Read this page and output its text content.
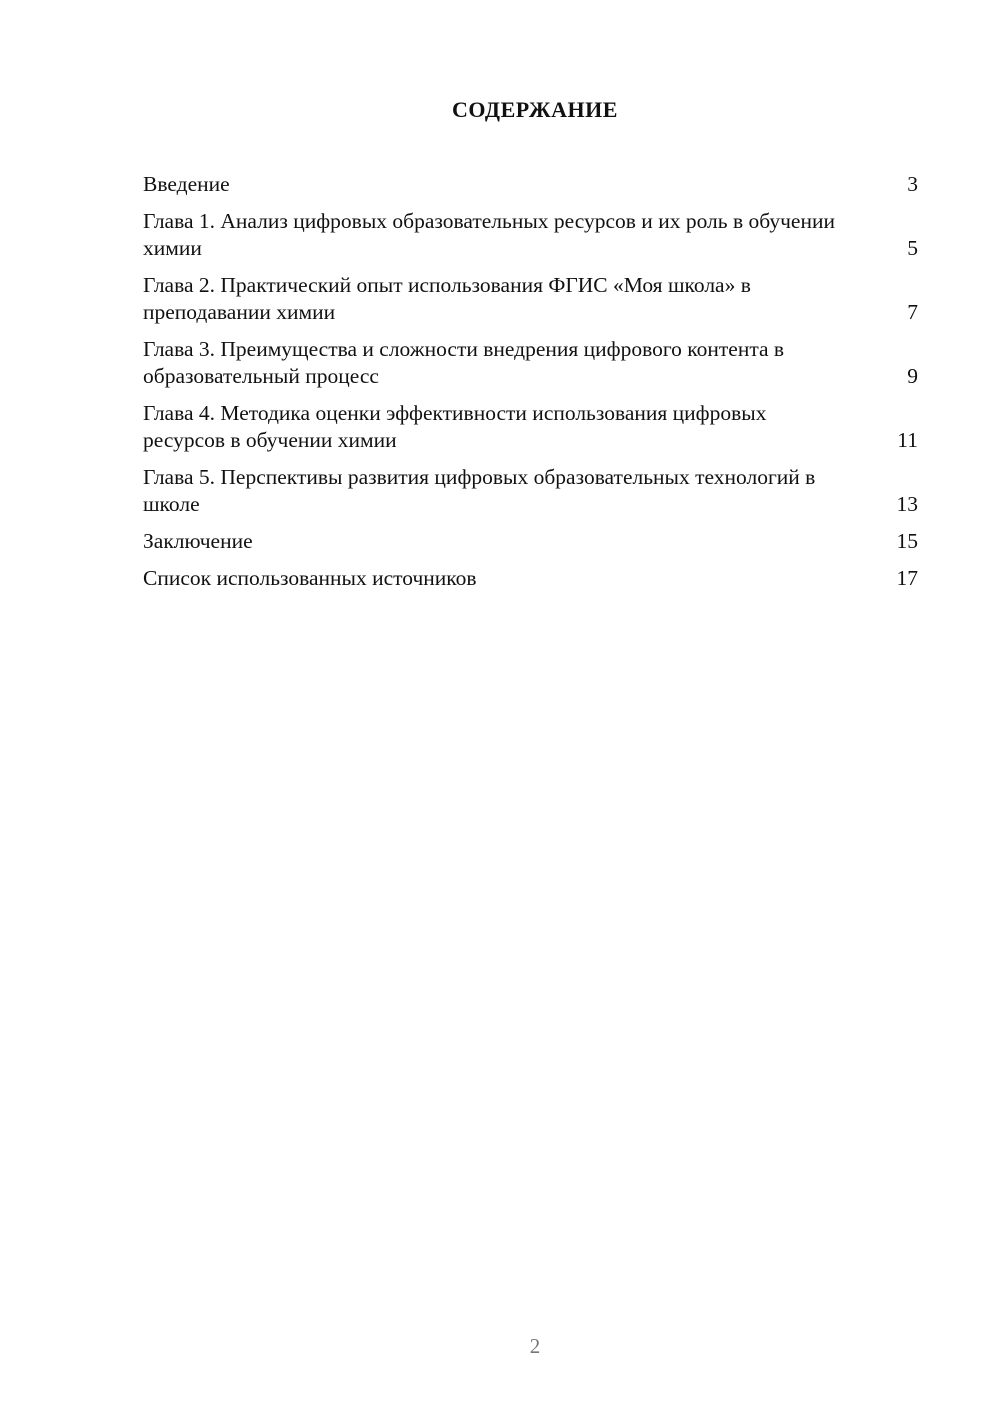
СОДЕРЖАНИЕ
Введение	3
Глава 1. Анализ цифровых образовательных ресурсов и их роль в обучении химии	5
Глава 2. Практический опыт использования ФГИС «Моя школа» в преподавании химии	7
Глава 3. Преимущества и сложности внедрения цифрового контента в образовательный процесс	9
Глава 4. Методика оценки эффективности использования цифровых ресурсов в обучении химии	11
Глава 5. Перспективы развития цифровых образовательных технологий в школе	13
Заключение	15
Список использованных источников	17
2
